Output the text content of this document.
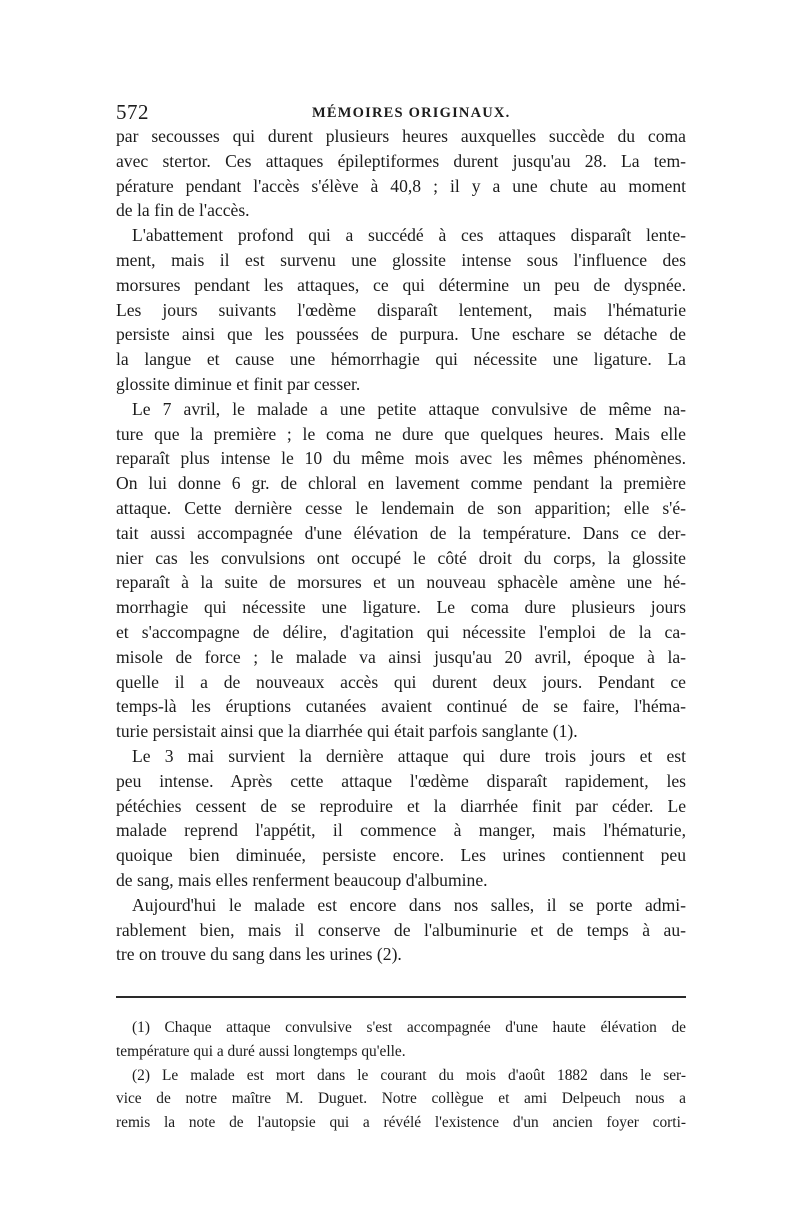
572	MÉMOIRES ORIGINAUX.
par secousses qui durent plusieurs heures auxquelles succède du coma
avec stertor. Ces attaques épileptiformes durent jusqu'au 28. La tem-
pérature pendant l'accès s'élève à 40,8 ; il y a une chute au moment
de la fin de l'accès.
L'abattement profond qui a succédé à ces attaques disparaît lente-
ment, mais il est survenu une glossite intense sous l'influence des
morsures pendant les attaques, ce qui détermine un peu de dyspnée.
Les jours suivants l'œdème disparaît lentement, mais l'hématurie
persiste ainsi que les poussées de purpura. Une eschare se détache de
la langue et cause une hémorrhagie qui nécessite une ligature. La
glossite diminue et finit par cesser.
Le 7 avril, le malade a une petite attaque convulsive de même na-
ture que la première ; le coma ne dure que quelques heures. Mais elle
reparaît plus intense le 10 du même mois avec les mêmes phénomènes.
On lui donne 6 gr. de chloral en lavement comme pendant la première
attaque. Cette dernière cesse le lendemain de son apparition; elle s'é-
tait aussi accompagnée d'une élévation de la température. Dans ce der-
nier cas les convulsions ont occupé le côté droit du corps, la glossite
reparaît à la suite de morsures et un nouveau sphacèle amène une hé-
morrhagie qui nécessite une ligature. Le coma dure plusieurs jours
et s'accompagne de délire, d'agitation qui nécessite l'emploi de la ca-
misole de force ; le malade va ainsi jusqu'au 20 avril, époque à la-
quelle il a de nouveaux accès qui durent deux jours. Pendant ce
temps-là les éruptions cutanées avaient continué de se faire, l'héma-
turie persistait ainsi que la diarrhée qui était parfois sanglante (1).
Le 3 mai survient la dernière attaque qui dure trois jours et est
peu intense. Après cette attaque l'œdème disparaît rapidement, les
pétéchies cessent de se reproduire et la diarrhée finit par céder. Le
malade reprend l'appétit, il commence à manger, mais l'hématurie,
quoique bien diminuée, persiste encore. Les urines contiennent peu
de sang, mais elles renferment beaucoup d'albumine.
Aujourd'hui le malade est encore dans nos salles, il se porte admi-
rablement bien, mais il conserve de l'albuminurie et de temps à au-
tre on trouve du sang dans les urines (2).
(1) Chaque attaque convulsive s'est accompagnée d'une haute élévation de
température qui a duré aussi longtemps qu'elle.
(2) Le malade est mort dans le courant du mois d'août 1882 dans le ser-
vice de notre maître M. Duguet. Notre collègue et ami Delpeuch nous a
remis la note de l'autopsie qui a révélé l'existence d'un ancien foyer corti-
